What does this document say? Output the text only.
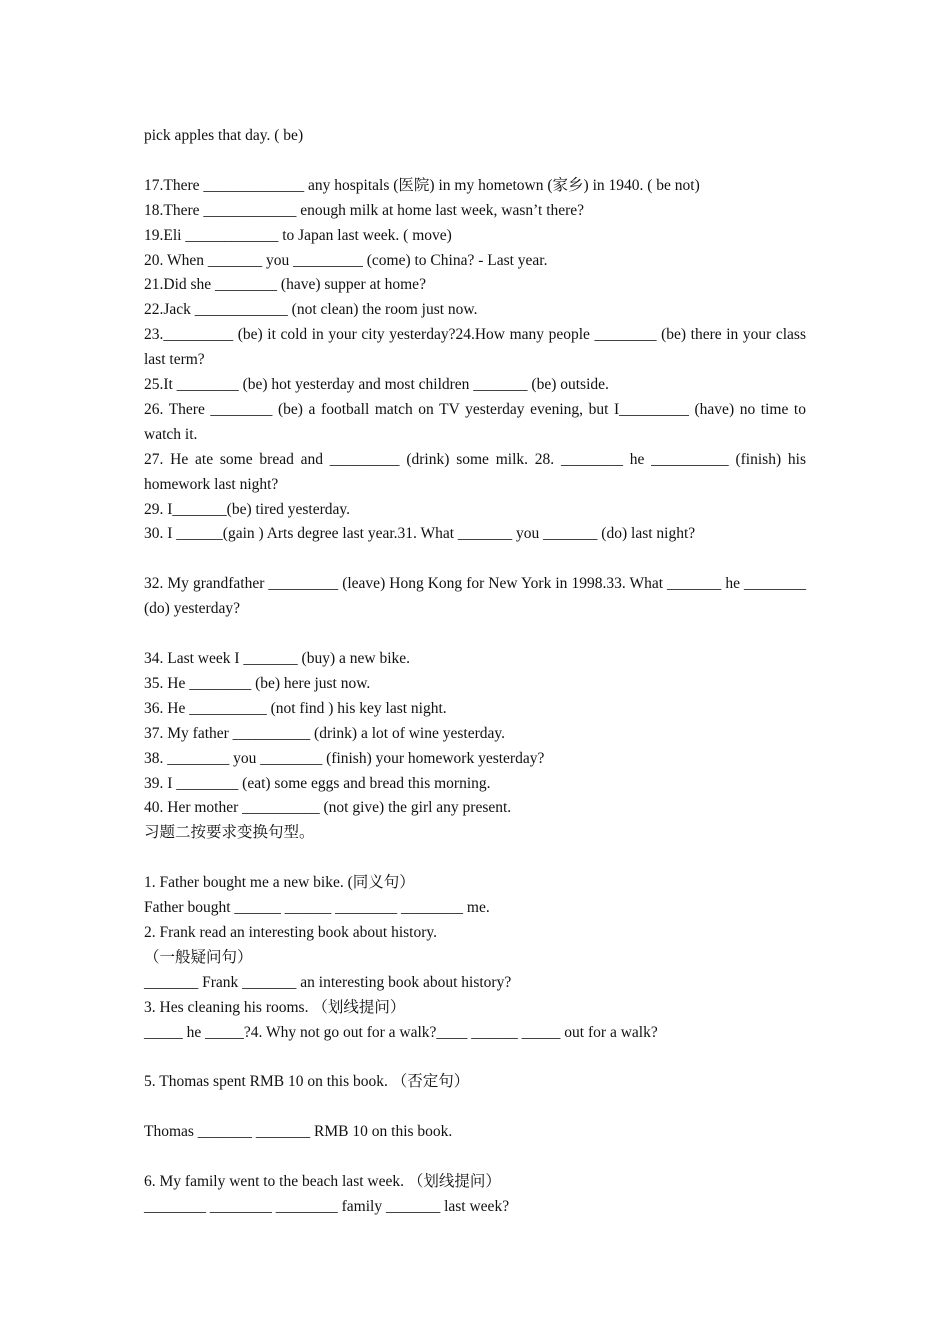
pick apples that day. ( be)
17.There _____________ any hospitals (医院) in my hometown (家乡) in 1940. ( be not)
18.There ____________ enough milk at home last week, wasn’t there?
19.Eli ____________ to Japan last week. ( move)
20. When _______ you _________ (come) to China? - Last year.
21.Did she ________ (have) supper at home?
22.Jack ____________ (not clean) the room just now.
23._________ (be) it cold in your city yesterday?24.How many people ________ (be) there in your class last term?
25.It ________ (be) hot yesterday and most children _______ (be) outside.
26. There ________ (be) a football match on TV yesterday evening, but I_________ (have) no time to watch it.
27. He ate some bread and _________ (drink) some milk. 28. ________ he __________ (finish) his homework last night?
29. I_______(be) tired yesterday.
30. I ______(gain ) Arts degree last year.31. What _______ you _______ (do) last night?
32. My grandfather _________ (leave) Hong Kong for New York in 1998.33. What _______ he ________ (do) yesterday?
34. Last week I _______ (buy) a new bike.
35. He ________ (be) here just now.
36. He __________ (not find ) his key last night.
37. My father __________ (drink) a lot of wine yesterday.
38. ________ you ________ (finish) your homework yesterday?
39. I ________ (eat) some eggs and bread this morning.
40. Her mother __________ (not give) the girl any present.
习题二按要求变换句型。
1. Father bought me a new bike. (同义句）
Father bought ______ ______ ________ ________ me.
2. Frank read an interesting book about history.
（一般疑问句）
_______ Frank _______ an interesting book about history?
3. Hes cleaning his rooms. （划线提问）
_____ he _____?4. Why not go out for a walk?____ ______ _____ out for a walk?
5. Thomas spent RMB 10 on this book. （否定句）
Thomas _______ _______ RMB 10 on this book.
6. My family went to the beach last week. （划线提问）
________ ________ ________ family _______ last week?
